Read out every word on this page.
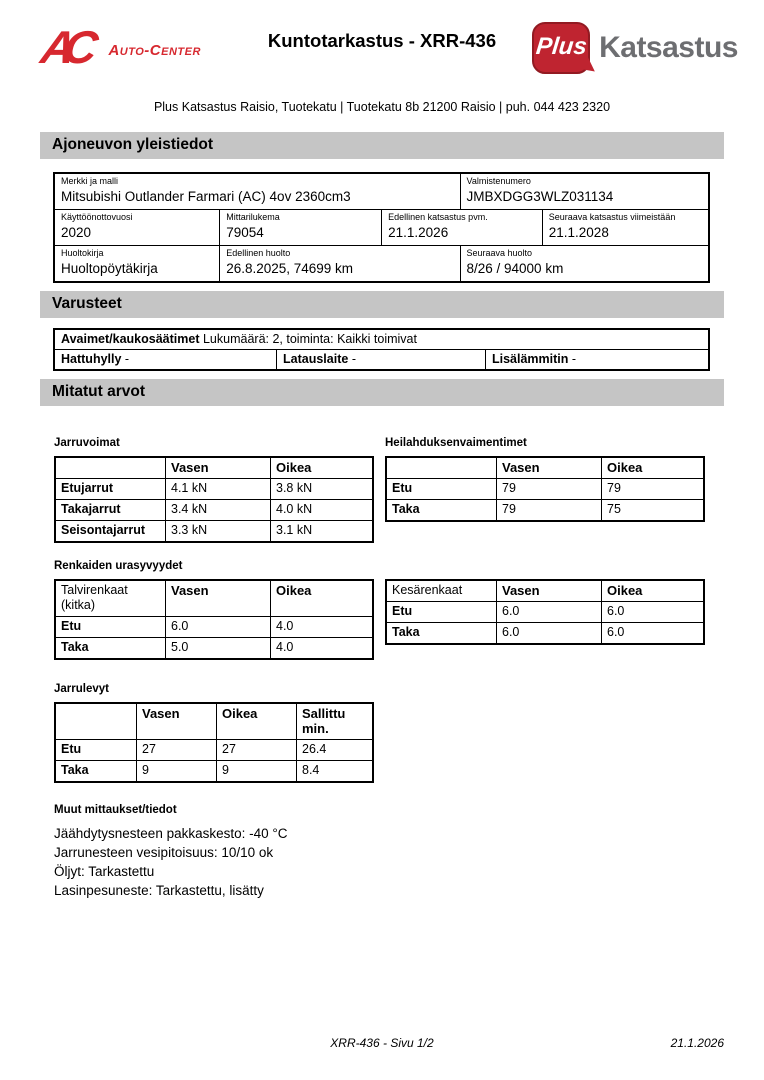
AC	Auto-Center	Kuntotarkastus - XRR-436	Plus Katsastus
Plus Katsastus Raisio, Tuotekatu | Tuotekatu 8b 21200 Raisio | puh. 044 423 2320
Ajoneuvon yleistiedot
Merkki ja malli
Mitsubishi Outlander Farmari (AC) 4ov 2360cm3
Valmistenumero
JMBXDGG3WLZ031134
Käyttöönottovuosi
2020
Mittarilukema
79054
Edellinen katsastus pvm.
21.1.2026
Seuraava katsastus viimeistään
21.1.2028
Huoltokirja
Huoltopöytäkirja
Edellinen huolto
26.8.2025, 74699 km
Seuraava huolto
8/26 / 94000 km
Varusteet
Avaimet/kaukosäätimet Lukumäärä: 2, toiminta: Kaikki toimivat
Hattuhylly -	Latauslaite -	Lisälämmitin -
Mitatut arvot
Jarruvoimat
Vasen	Oikea
Etujarrut	4.1 kN	3.8 kN
Takajarrut	3.4 kN	4.0 kN
Seisontajarrut	3.3 kN	3.1 kN
Heilahduksenvaimentimet
Vasen	Oikea
Etu	79	79
Taka	79	75
Renkaiden urasyvyydet
Talvirenkaat (kitka)
Vasen	Oikea
Etu	6.0	4.0
Taka	5.0	4.0
Kesärenkaat	Vasen	Oikea
Etu	6.0	6.0
Taka	6.0	6.0
Jarrulevyt
Vasen	Oikea	Sallittu min.
Etu	27	27	26.4
Taka	9	9	8.4
Muut mittaukset/tiedot
Jäähdytysnesteen pakkaskesto: -40 °C
Jarrunesteen vesipitoisuus: 10/10 ok
Öljyt: Tarkastettu
Lasinpesuneste: Tarkastettu, lisätty
XRR-436 - Sivu 1/2	21.1.2026
